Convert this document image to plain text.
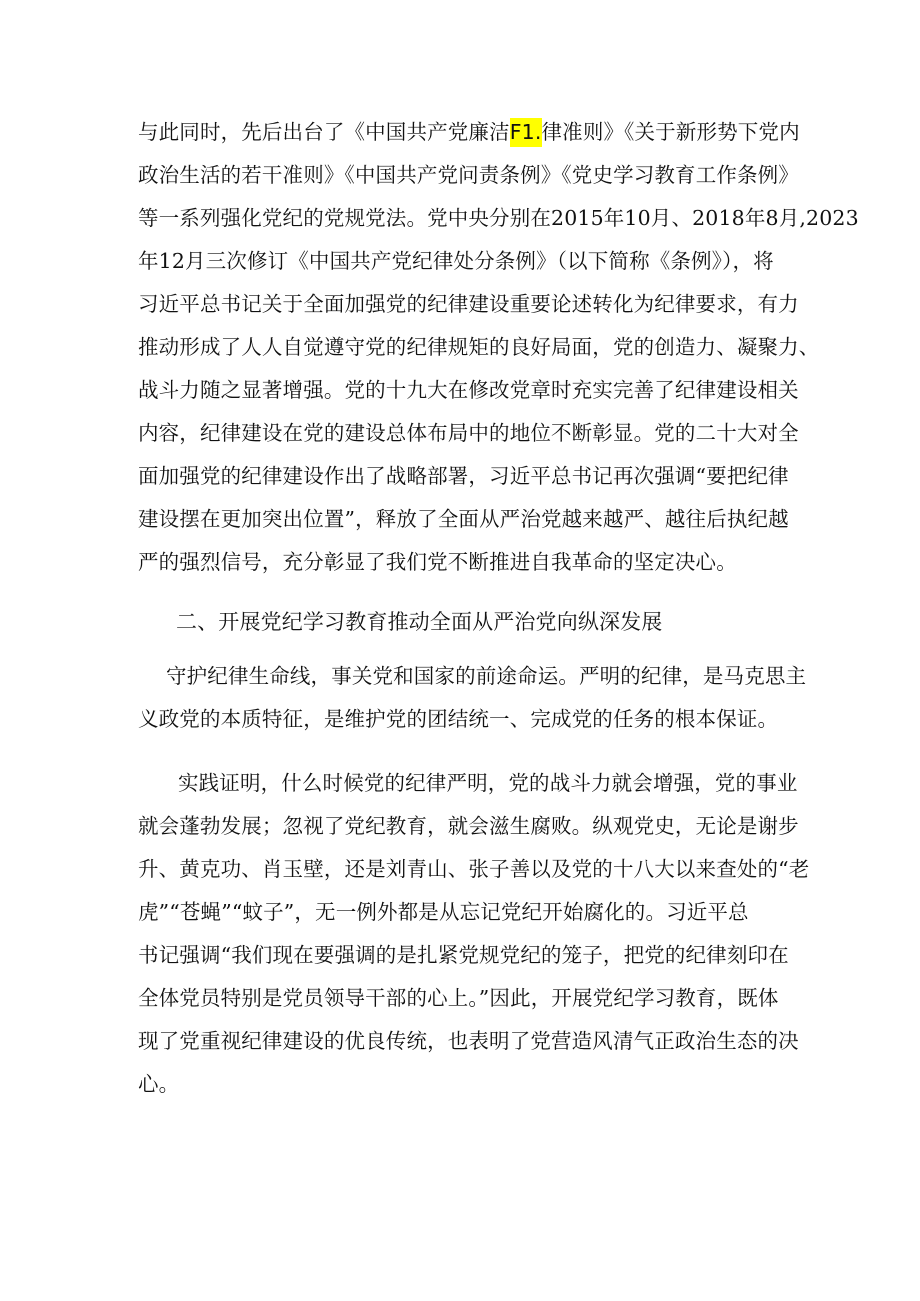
与此同时，先后出台了《中国共产党廉洁F1.律准则》《关于新形势下党内
政治生活的若干准则》《中国共产党问责条例》《党史学习教育工作条例》
等一系列强化党纪的党规党法。党中央分别在2015年10月、2018年8月,2023
年12月三次修订《中国共产党纪律处分条例》（以下简称《条例》），将
习近平总书记关于全面加强党的纪律建设重要论述转化为纪律要求，有力
推动形成了人人自觉遵守党的纪律规矩的良好局面，党的创造力、凝聚力、
战斗力随之显著增强。党的十九大在修改党章时充实完善了纪律建设相关
内容，纪律建设在党的建设总体布局中的地位不断彰显。党的二十大对全
面加强党的纪律建设作出了战略部署，习近平总书记再次强调“要把纪律
建设摆在更加突出位置”，释放了全面从严治党越来越严、越往后执纪越
严的强烈信号，充分彰显了我们党不断推进自我革命的坚定决心。
二、开展党纪学习教育推动全面从严治党向纵深发展
守护纪律生命线，事关党和国家的前途命运。严明的纪律，是马克思主
义政党的本质特征，是维护党的团结统一、完成党的任务的根本保证。
实践证明，什么时候党的纪律严明，党的战斗力就会增强，党的事业
就会蓬勃发展；忽视了党纪教育，就会滋生腐败。纵观党史，无论是谢步
升、黄克功、肖玉壁，还是刘青山、张子善以及党的十八大以来查处的“老
虎”“苍蝇”“蚊子”，无一例外都是从忘记党纪开始腐化的。习近平总
书记强调“我们现在要强调的是扎紧党规党纪的笼子，把党的纪律刻印在
全体党员特别是党员领导干部的心上。”因此，开展党纪学习教育，既体
现了党重视纪律建设的优良传统，也表明了党营造风清气正政治生态的决
心。
